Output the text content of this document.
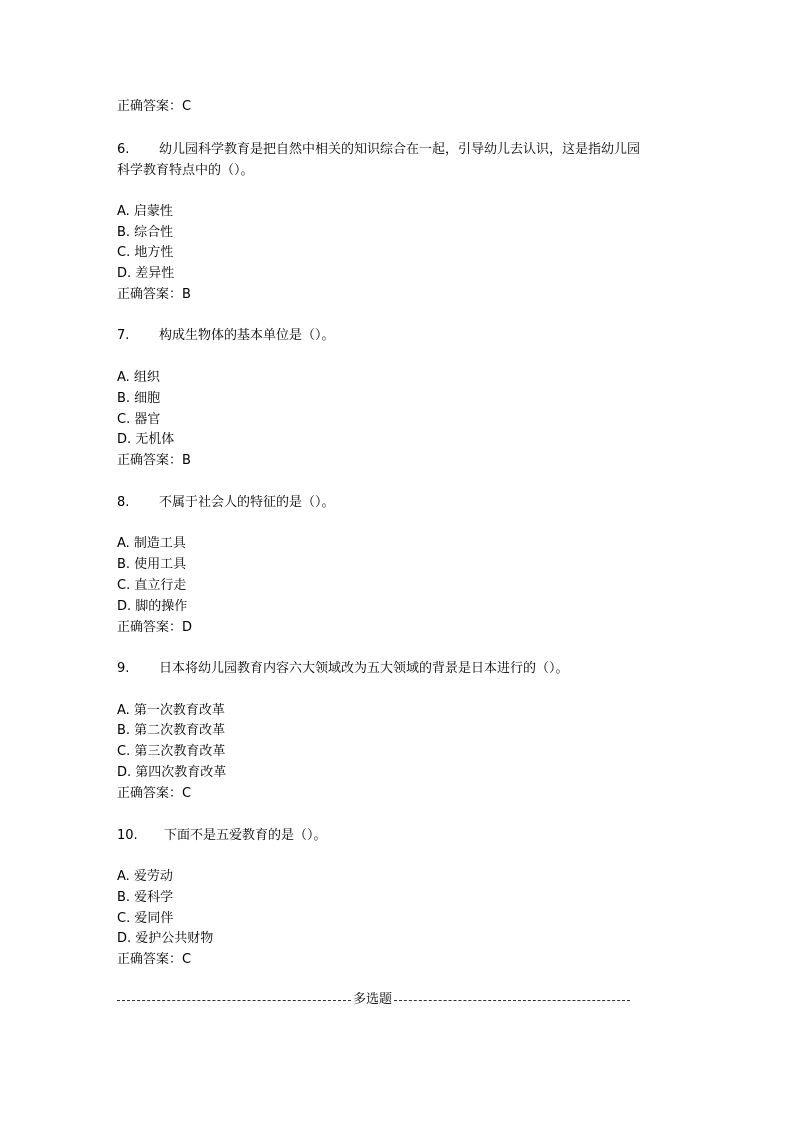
正确答案：C
6. 幼儿园科学教育是把自然中相关的知识综合在一起，引导幼儿去认识，这是指幼儿园
科学教育特点中的（）。
A. 启蒙性
B. 综合性
C. 地方性
D. 差异性
正确答案：B
7. 构成生物体的基本单位是（）。
A. 组织
B. 细胞
C. 器官
D. 无机体
正确答案：B
8. 不属于社会人的特征的是（）。
A. 制造工具
B. 使用工具
C. 直立行走
D. 脚的操作
正确答案：D
9. 日本将幼儿园教育内容六大领域改为五大领域的背景是日本进行的（）。
A. 第一次教育改革
B. 第二次教育改革
C. 第三次教育改革
D. 第四次教育改革
正确答案：C
10. 下面不是五爱教育的是（）。
A. 爱劳动
B. 爱科学
C. 爱同伴
D. 爱护公共财物
正确答案：C
多选题
